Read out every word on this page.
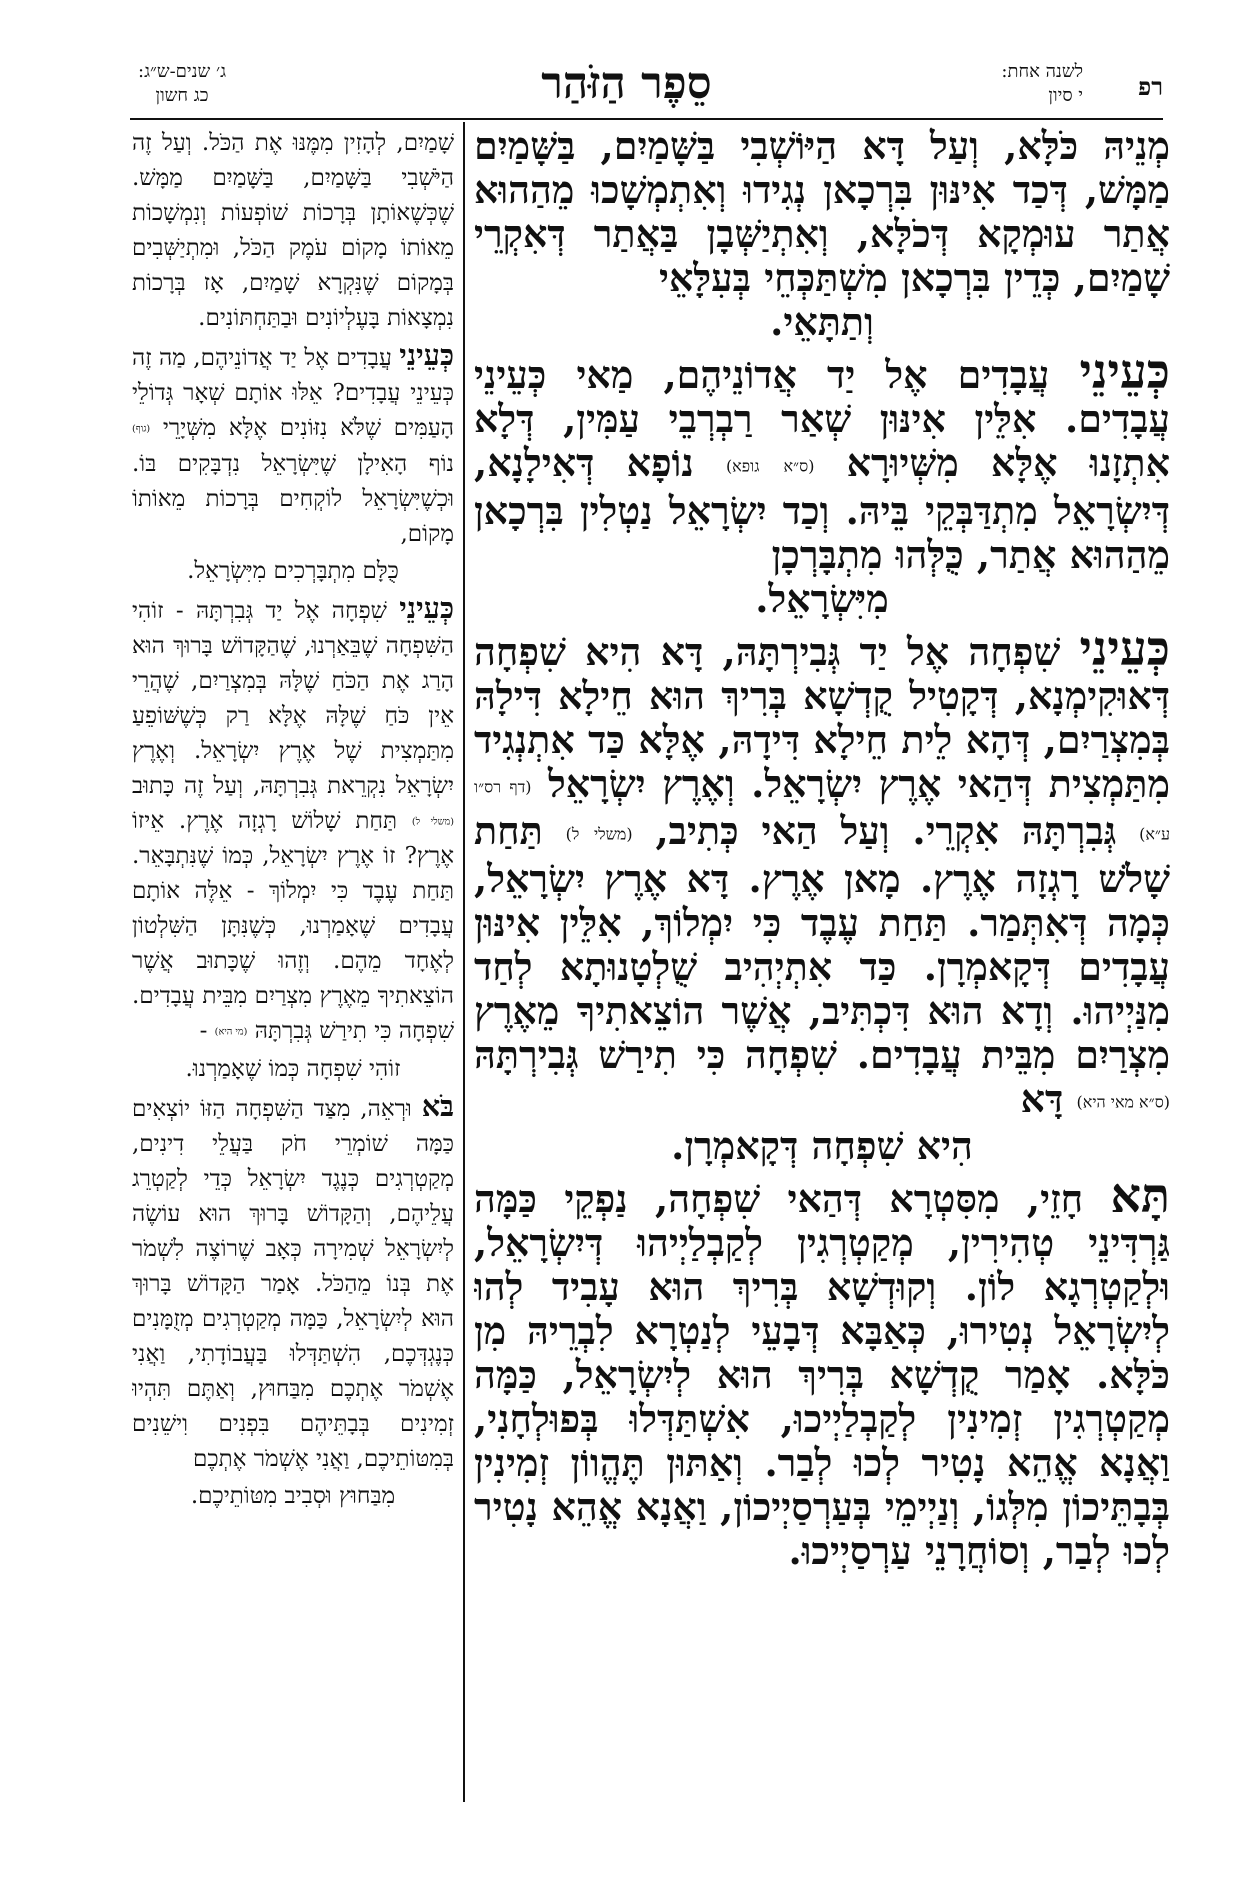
רפ
לשנה אחת:
י סיון
סֵפֶר הַזֹּהַר
ג׳ שנים-ש״ג:
כג חשון

מְנֵיהּ כֹּלָּא, וְעַל דָּא הַיּוֹשְׁבִי בַּשָּׁמַיִם, בַּשָּׁמַיִם מַמָּשׁ, דְּכַד אִינּוּן בִּרְכָאן נְגִידוּ וְאִתְמְשָׁכוּ מֵהַהוּא אֲתַר עוּמְקָא דְּכֹלָּא, וְאִתְיַשְּׁבָן בַּאֲתַר דְּאִקְרֵי שָׁמַיִם, כְּדֵין בִּרְכָאן מִשְׁתַּכְּחֵי בְּעִלָּאֵי

וְתַתָּאֵי.

כְּעֵינֵי עֲבָדִים אֶל יַד אֲדוֹנֵיהֶם, מַאי כְּעֵינֵי עֲבָדִים. אִלֵּין אִינּוּן שְׁאַר רַבְרְבֵי עַמִּין, דְּלָא אִתְזָנוּ אֶלָּא מִשְּׁיוּרָא (ס״א גופא) נוֹפָא דְּאִילָנָא, דְּיִשְׂרָאֵל מִתְדַּבְּקֵי בֵּיהּ. וְכַד יִשְׂרָאֵל נַטְלִין בִּרְכָאן מֵהַהוּא אֲתַר, כֻּלְּהוּ מִתְבָּרְכָן

מִיִּשְׂרָאֵל.

כְּעֵינֵי שִׁפְחָה אֶל יַד גְּבִירְתָּהּ, דָּא הִיא שִׁפְחָה דְּאוּקִימְנָא, דְּקָטִיל קֻדְשָׁא בְּרִיךְ הוּא חֵילָא דִּילָהּ בְּמִצְרַיִם, דְּהָא לֵית חֵילָא דִּידָהּ, אֶלָּא כַּד אִתְנְגִיד מִתַּמְצִית דְּהַאי אֶרֶץ יִשְׂרָאֵל. וְאֶרֶץ יִשְׂרָאֵל (דף רס״ו ע״א) גְּבִרְתָּהּ אִקְרֵי. וְעַל הַאי כְּתִיב, (משלי ל) תַּחַת שָׁלֹשׁ רָגְזָה אֶרֶץ. מָאן אֶרֶץ. דָּא אֶרֶץ יִשְׂרָאֵל, כְּמָה דְּאִתְּמַר. תַּחַת עֶבֶד כִּי יִמְלוֹךְ, אִלֵּין אִינּוּן עֲבָדִים דְּקָאמְרָן. כַּד אִתְיְהִיב שֻׁלְטָנוּתָא לְחַד מִנַּיְיהוּ. וְדָא הוּא דִּכְתִּיב, אֲשֶׁר הוֹצֵאתִיךָ מֵאֶרֶץ מִצְרַיִם מִבֵּית עֲבָדִים. שִׁפְחָה כִּי תִירַשׁ גְּבִירְתָּהּ (ס״א מאי היא) דָּא

הִיא שִׁפְחָה דְּקָאמְרָן.

תָּא חָזֵי, מִסִּטְרָא דְּהַאי שִׁפְחָה, נַפְקֵי כַּמָּה גַּרְדִּינֵי טְהִירִין, מְקַטְרְגִין לְקַבְלַיְיהוּ דְּיִשְׂרָאֵל, וּלְקַטְרְגָא לוֹן. וְקוּדְשָׁא בְּרִיךְ הוּא עָבִיד לְהוּ לְיִשְׂרָאֵל נְטִירוּ, כְּאַבָּא דְּבָעֵי לְנַטְרָא לִבְרֵיהּ מִן כֹּלָּא. אָמַר קֻדְשָׁא בְּרִיךְ הוּא לְיִשְׂרָאֵל, כַּמָּה מְקַטְרְגִין זְמִינִין לְקַבְלַיְיכוּ, אִשְׁתַּדְּלוּ בְּפוּלְחָנִי, וַאֲנָא אֱהֵא נָטִיר לְכוּ לְבַר. וְאַתּוּן תֶּהֱווֹן זְמִינִין בְּבָתֵּיכוֹן מִלְּגוֹ, וְנַיְימֵי בְּעַרְסַיְיכוֹן, וַאֲנָא אֱהֵא נָטִיר לְכוּ לְבַר, וְסוֹחֲרָנֵי עַרְסַיְיכוּ.

שָׁמַיִם, לְהָזִין מִמֶּנּוּ אֶת הַכֹּל. וְעַל זֶה הַיֹּשְׁבִי בַּשָּׁמַיִם, בַּשָּׁמַיִם מַמָּשׁ. שֶׁכְּשֶׁאוֹתָן בְּרָכוֹת שׁוֹפְעוֹת וְנִמְשָׁכוֹת מֵאוֹתוֹ מָקוֹם עֹמֶק הַכֹּל, וּמִתְיַשְּׁבִים בְּמָקוֹם שֶׁנִּקְרָא שָׁמַיִם, אָז בְּרָכוֹת נִמְצָאוֹת בָּעֶלְיוֹנִים וּבַתַּחְתּוֹנִים.

כְּעֵינֵי עֲבָדִים אֶל יַד אֲדוֹנֵיהֶם, מַה זֶה כְּעֵינֵי עֲבָדִים? אֵלּוּ אוֹתָם שְׁאָר גְּדוֹלֵי הָעַמִּים שֶׁלֹּא נִזּוֹנִים אֶלָּא מִשְּׁיָרֵי (גוף) נוֹף הָאִילָן שֶׁיִּשְׂרָאֵל נִדְבָּקִים בּוֹ. וּכְשֶׁיִּשְׂרָאֵל לוֹקְחִים בְּרָכוֹת מֵאוֹתוֹ מָקוֹם,

כֻּלָּם מִתְבָּרְכִים מִיִּשְׂרָאֵל.

כְּעֵינֵי שִׁפְחָה אֶל יַד גְּבִרְתָּהּ - זוֹהִי הַשִּׁפְחָה שֶׁבֵּאַרְנוּ, שֶׁהַקָּדוֹשׁ בָּרוּךְ הוּא הָרַג אֶת הַכֹּחַ שֶׁלָּהּ בְּמִצְרַיִם, שֶׁהֲרֵי אֵין כֹּחַ שֶׁלָּהּ אֶלָּא רַק כְּשֶׁשּׁוֹפֵעַ מִתַּמְצִית שֶׁל אֶרֶץ יִשְׂרָאֵל. וְאֶרֶץ יִשְׂרָאֵל נִקְרֵאת גְּבִרְתָּהּ, וְעַל זֶה כָּתוּב (משלי ל) תַּחַת שָׁלוֹשׁ רָגְזָה אֶרֶץ. אֵיזוֹ אֶרֶץ? זוֹ אֶרֶץ יִשְׂרָאֵל, כְּמוֹ שֶׁנִּתְבָּאֵר. תַּחַת עֶבֶד כִּי יִמְלוֹךְ - אֵלֶּה אוֹתָם עֲבָדִים שֶׁאָמַרְנוּ, כְּשֶׁנִּתָּן הַשִּׁלְטוֹן לְאֶחָד מֵהֶם. וְזֶהוּ שֶׁכָּתוּב אֲשֶׁר הוֹצֵאתִיךָ מֵאֶרֶץ מִצְרַיִם מִבֵּית עֲבָדִים. שִׁפְחָה כִּי תִירַשׁ גְּבִרְתָּהּ (מי היא) -

זוֹהִי שִׁפְחָה כְּמוֹ שֶׁאָמַרְנוּ.

בֹּא וּרְאֵה, מִצַּד הַשִּׁפְחָה הַזּוֹ יוֹצְאִים כַּמָּה שׁוֹמְרֵי חֹק בַּעֲלֵי דִינִים, מְקַטְרְגִים כְּנֶגֶד יִשְׂרָאֵל כְּדֵי לְקַטְרֵג עֲלֵיהֶם, וְהַקָּדוֹשׁ בָּרוּךְ הוּא עוֹשֶׂה לְיִשְׂרָאֵל שְׁמִירָה כְּאָב שֶׁרוֹצֶה לִשְׁמֹר אֶת בְּנוֹ מֵהַכֹּל. אָמַר הַקָּדוֹשׁ בָּרוּךְ הוּא לְיִשְׂרָאֵל, כַּמָּה מְקַטְרְגִים מְזֻמָּנִים כְּנֶגְדְּכֶם, הִשְׁתַּדְּלוּ בַּעֲבוֹדָתִי, וַאֲנִי אֶשְׁמֹר אֶתְכֶם מִבַּחוּץ, וְאַתֶּם תִּהְיוּ זְמִינִים בְּבָתֵּיהֶם בִּפְנִים וִישֵׁנִים בְּמִטּוֹתֵיכֶם, וַאֲנִי אֶשְׁמֹר אֶתְכֶם

מִבַּחוּץ וּסְבִיב מִטּוֹתֵיכֶם.
